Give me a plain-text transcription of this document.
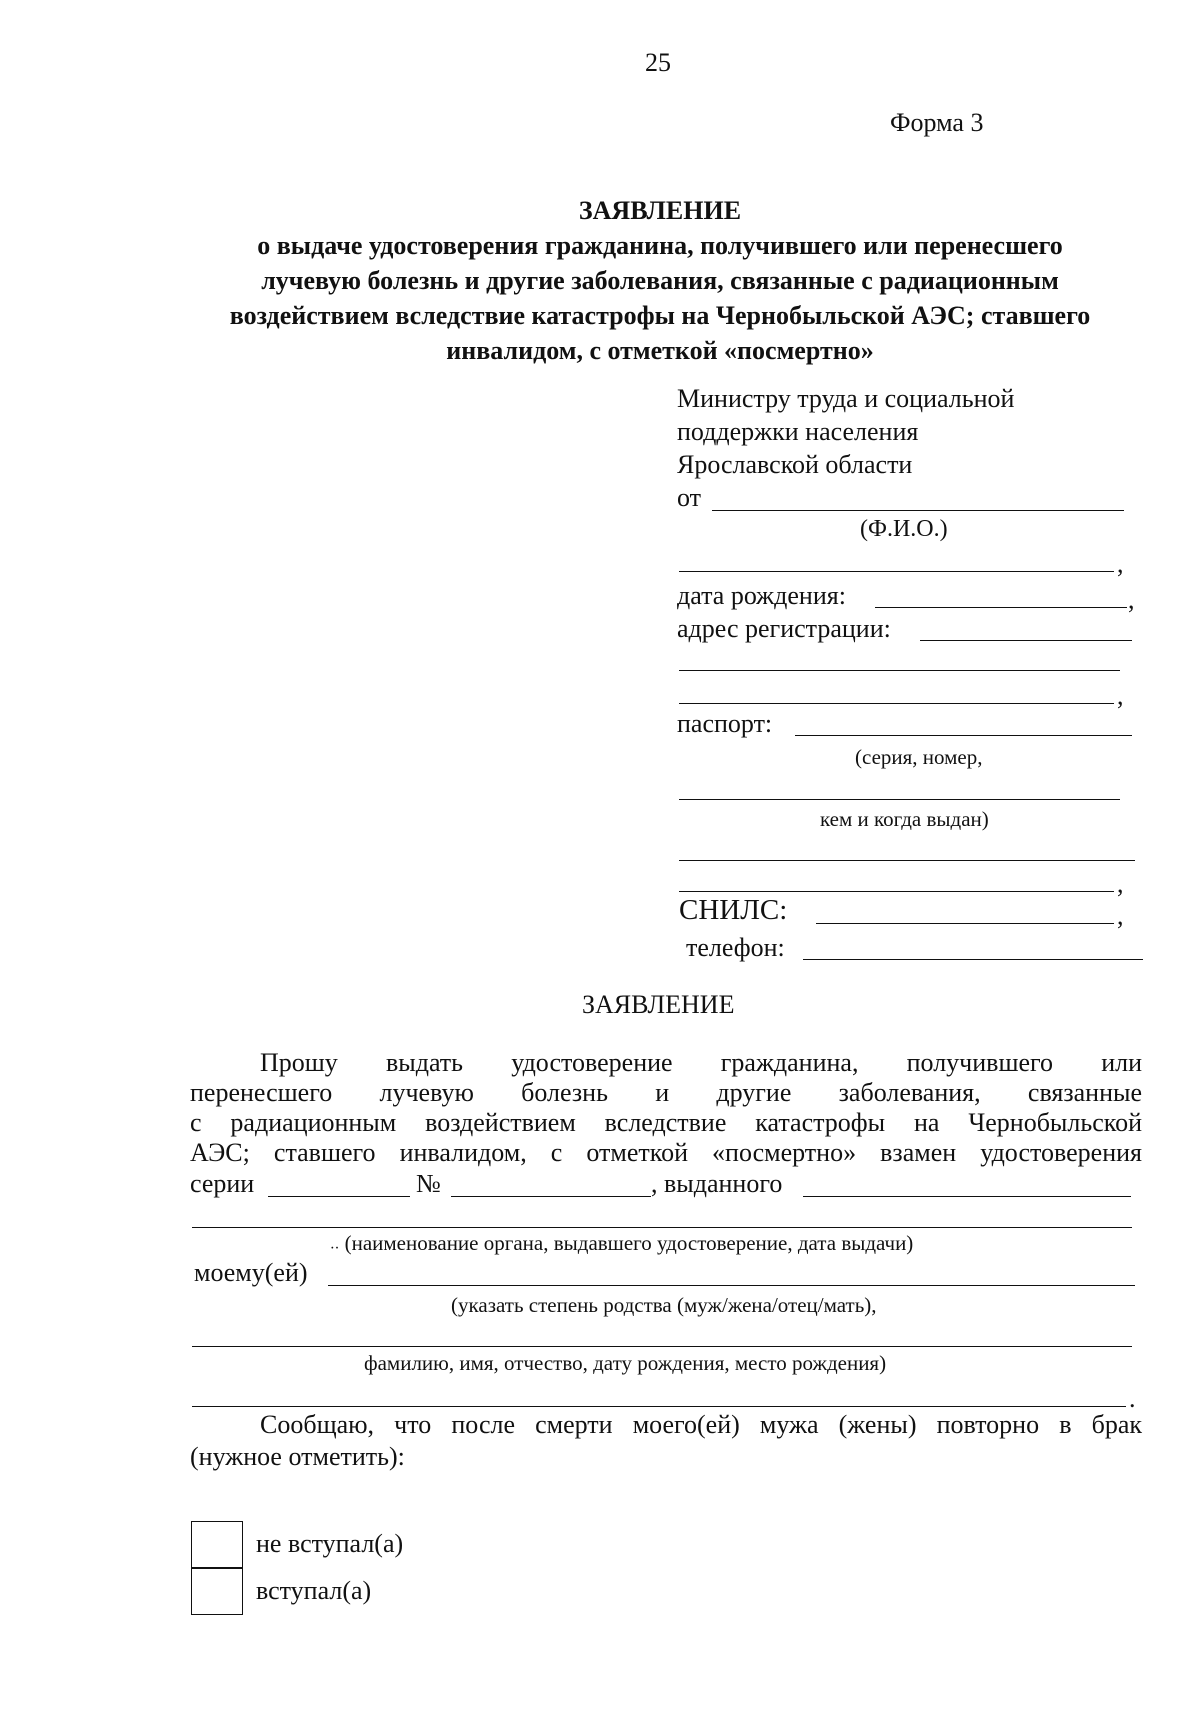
25
Форма 3
ЗАЯВЛЕНИЕ
о выдаче удостоверения гражданина, получившего или перенесшего
лучевую болезнь и другие заболевания, связанные с радиационным
воздействием вследствие катастрофы на Чернобыльской АЭС; ставшего
инвалидом, с отметкой «посмертно»
Министру труда и социальной
поддержки населения
Ярославской области
от
(Ф.И.О.)
,
дата рождения:	,
адрес регистрации:
,
паспорт:
(серия, номер,
кем и когда выдан)
,
СНИЛС:	,
телефон:
ЗАЯВЛЕНИЕ
Прошу выдать удостоверение гражданина, получившего или
перенесшего лучевую болезнь и другие заболевания, связанные
с радиационным воздействием вследствие катастрофы на Чернобыльской
АЭС; ставшего инвалидом, с отметкой «посмертно» взамен удостоверения
серии	№	, выданного
‥ (наименование органа, выдавшего удостоверение, дата выдачи)
моему(ей)
(указать степень родства (муж/жена/отец/мать),
фамилию, имя, отчество, дату рождения, место рождения)
.
Сообщаю, что после смерти моего(ей) мужа (жены) повторно в брак
(нужное отметить):
не вступал(а)
вступал(а)
